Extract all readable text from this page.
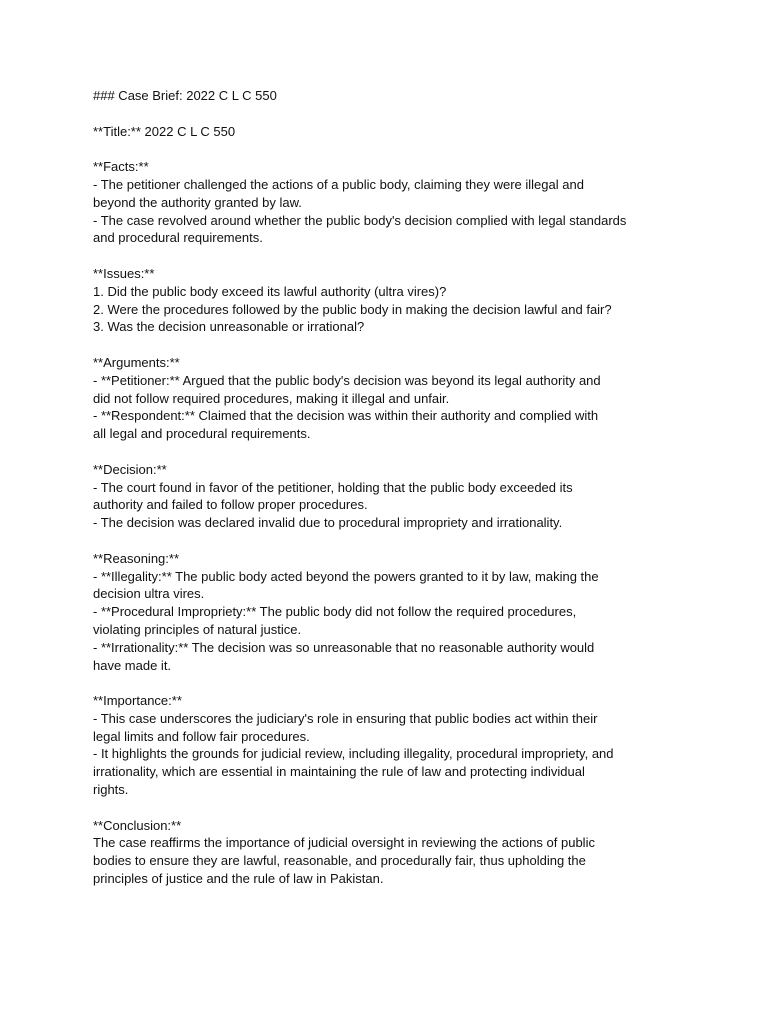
### Case Brief: 2022 C L C 550
**Title:** 2022 C L C 550
**Facts:**
- The petitioner challenged the actions of a public body, claiming they were illegal and
beyond the authority granted by law.
- The case revolved around whether the public body's decision complied with legal standards
and procedural requirements.
**Issues:**
1. Did the public body exceed its lawful authority (ultra vires)?
2. Were the procedures followed by the public body in making the decision lawful and fair?
3. Was the decision unreasonable or irrational?
**Arguments:**
- **Petitioner:** Argued that the public body's decision was beyond its legal authority and
did not follow required procedures, making it illegal and unfair.
- **Respondent:** Claimed that the decision was within their authority and complied with
all legal and procedural requirements.
**Decision:**
- The court found in favor of the petitioner, holding that the public body exceeded its
authority and failed to follow proper procedures.
- The decision was declared invalid due to procedural impropriety and irrationality.
**Reasoning:**
- **Illegality:** The public body acted beyond the powers granted to it by law, making the
decision ultra vires.
- **Procedural Impropriety:** The public body did not follow the required procedures,
violating principles of natural justice.
- **Irrationality:** The decision was so unreasonable that no reasonable authority would
have made it.
**Importance:**
- This case underscores the judiciary's role in ensuring that public bodies act within their
legal limits and follow fair procedures.
- It highlights the grounds for judicial review, including illegality, procedural impropriety, and
irrationality, which are essential in maintaining the rule of law and protecting individual
rights.
**Conclusion:**
The case reaffirms the importance of judicial oversight in reviewing the actions of public
bodies to ensure they are lawful, reasonable, and procedurally fair, thus upholding the
principles of justice and the rule of law in Pakistan.
